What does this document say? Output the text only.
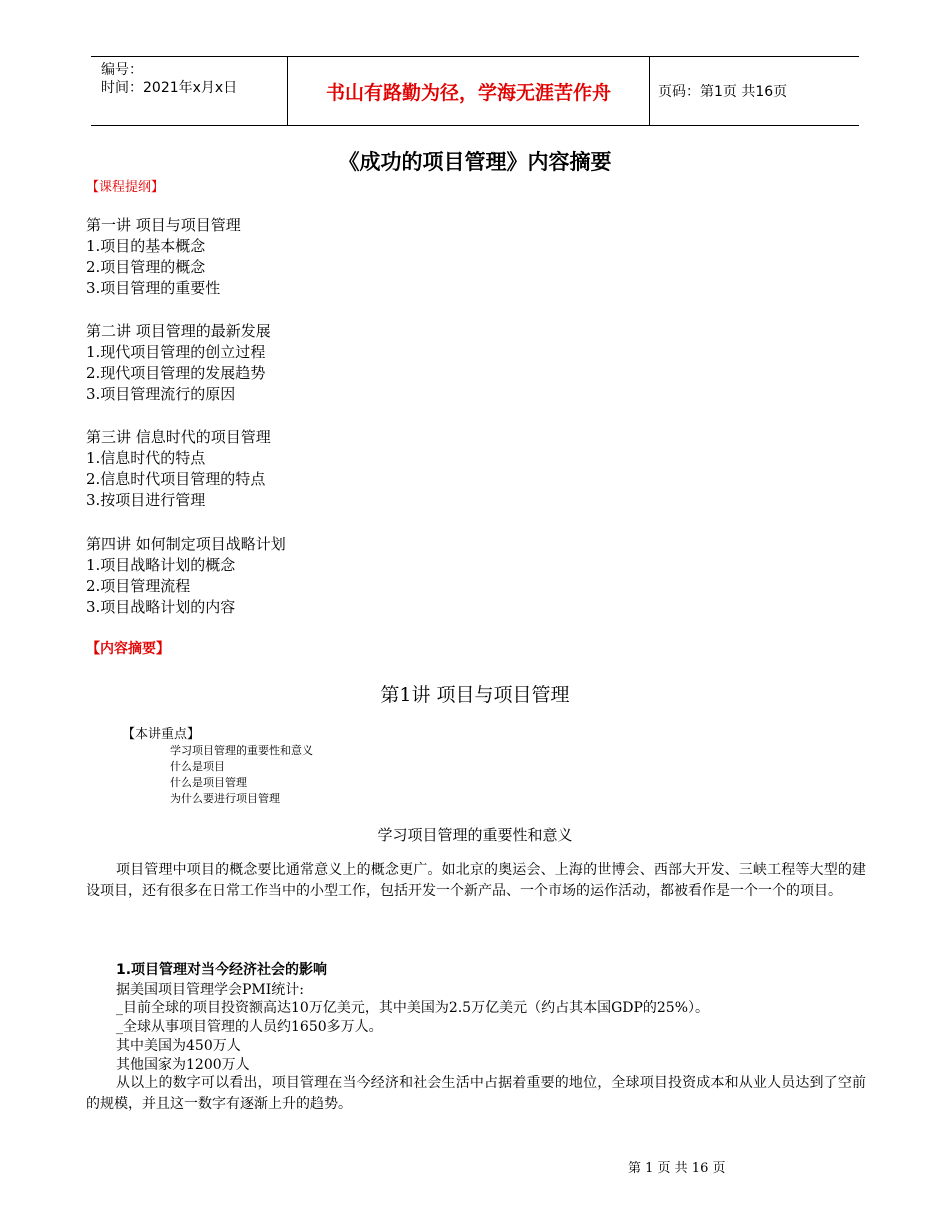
编号：
时间：2021年x月x日	书山有路勤为径，学海无涯苦作舟	页码：第1页 共16页
《成功的项目管理》内容摘要
【课程提纲】
第一讲 项目与项目管理
1.项目的基本概念
2.项目管理的概念
3.项目管理的重要性
第二讲 项目管理的最新发展
1.现代项目管理的创立过程
2.现代项目管理的发展趋势
3.项目管理流行的原因
第三讲 信息时代的项目管理
1.信息时代的特点
2.信息时代项目管理的特点
3.按项目进行管理
第四讲 如何制定项目战略计划
1.项目战略计划的概念
2.项目管理流程
3.项目战略计划的内容
【内容摘要】
第1讲 项目与项目管理
【本讲重点】
学习项目管理的重要性和意义
什么是项目
什么是项目管理
为什么要进行项目管理
学习项目管理的重要性和意义
项目管理中项目的概念要比通常意义上的概念更广。如北京的奥运会、上海的世博会、西部大开发、三峡工程等大型的建设项目，还有很多在日常工作当中的小型工作，包括开发一个新产品、一个市场的运作活动，都被看作是一个一个的项目。
1.项目管理对当今经济社会的影响
据美国项目管理学会PMI统计:
_目前全球的项目投资额高达10万亿美元，其中美国为2.5万亿美元（约占其本国GDP的25%）。
_全球从事项目管理的人员约1650多万人。
其中美国为450万人
其他国家为1200万人
从以上的数字可以看出，项目管理在当今经济和社会生活中占据着重要的地位，全球项目投资成本和从业人员达到了空前的规模，并且这一数字有逐渐上升的趋势。
第 1 页 共 16 页
